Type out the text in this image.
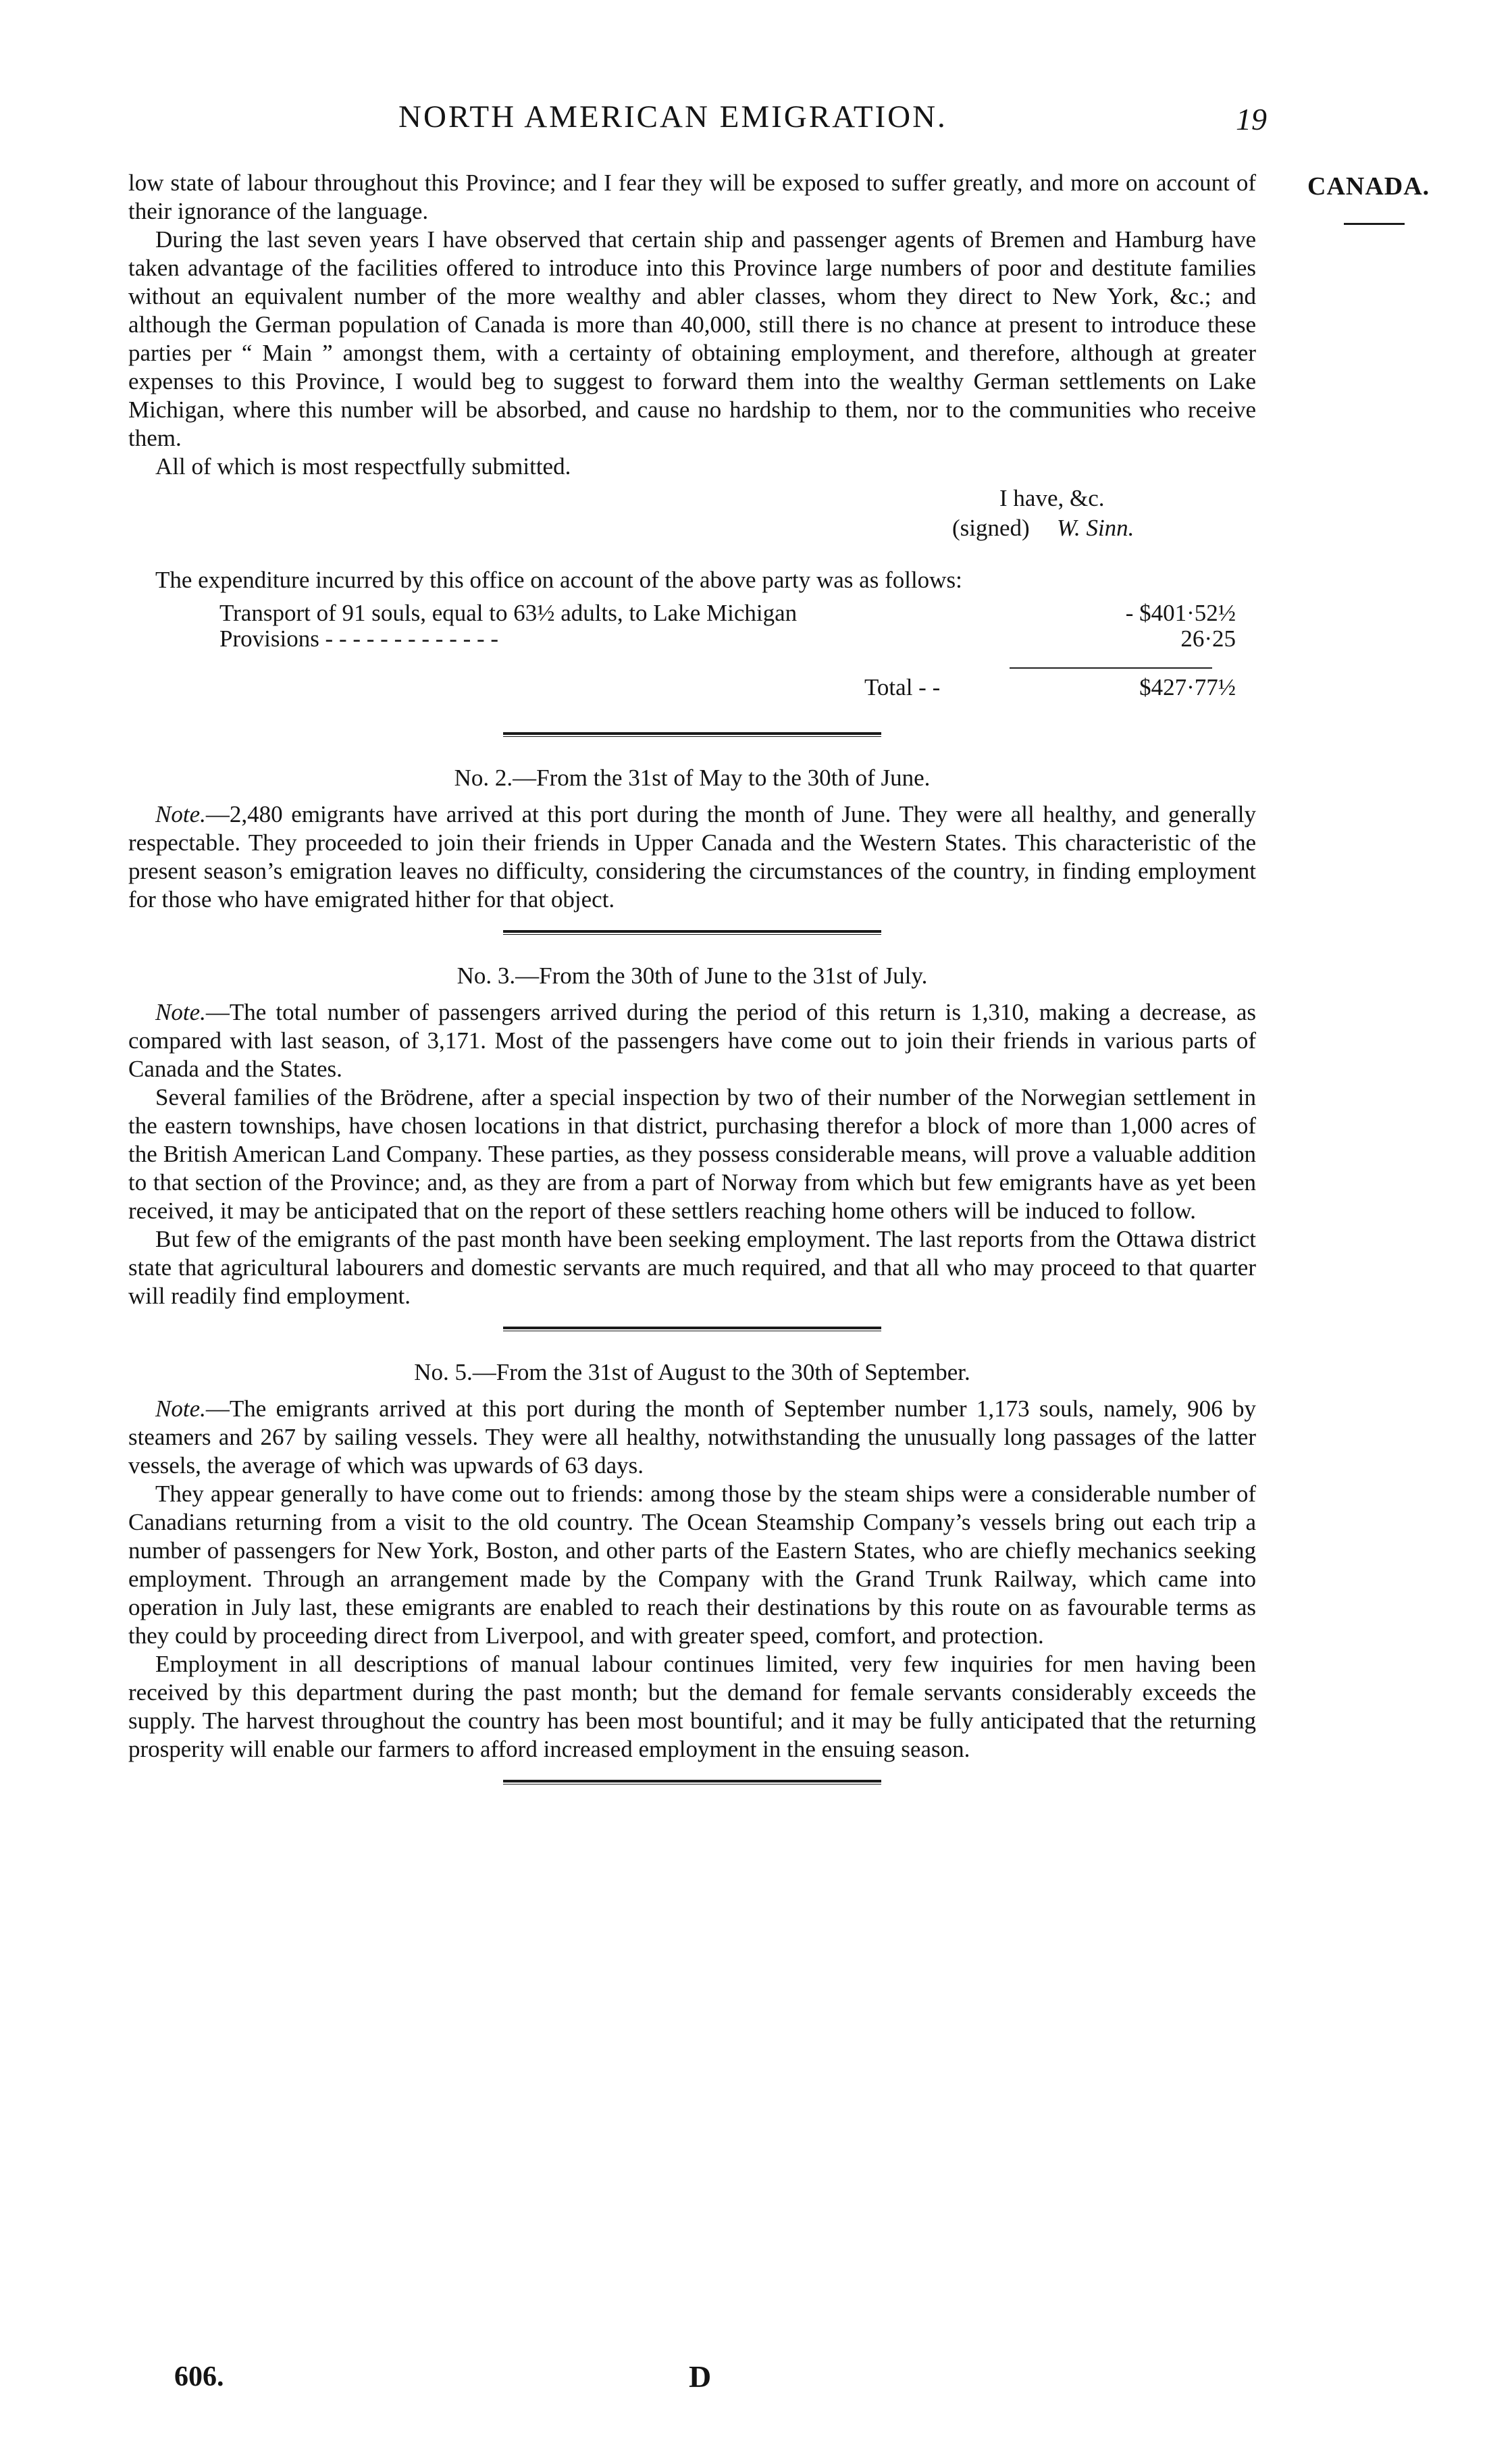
NORTH AMERICAN EMIGRATION.	19
CANADA.

low state of labour throughout this Province; and I fear they will be exposed to suffer greatly, and more on account of their ignorance of the language.

During the last seven years I have observed that certain ship and passenger agents of Bremen and Hamburg have taken advantage of the facilities offered to introduce into this Province large numbers of poor and destitute families without an equivalent number of the more wealthy and abler classes, whom they direct to New York, &c.; and although the German population of Canada is more than 40,000, still there is no chance at present to introduce these parties per “ Main ” amongst them, with a certainty of obtaining employment, and therefore, although at greater expenses to this Province, I would beg to suggest to forward them into the wealthy German settlements on Lake Michigan, where this number will be absorbed, and cause no hardship to them, nor to the communities who receive them.

All of which is most respectfully submitted.

I have, &c.
(signed) W. Sinn.

The expenditure incurred by this office on account of the above party was as follows:

Transport of 91 souls, equal to 63½ adults, to Lake Michigan	- $401·52½
Provisions - - - - - - - - - - - - -	26·25
Total - -	$427·77½

No. 2.—From the 31st of May to the 30th of June.

Note.—2,480 emigrants have arrived at this port during the month of June. They were all healthy, and generally respectable. They proceeded to join their friends in Upper Canada and the Western States. This characteristic of the present season’s emigration leaves no difficulty, considering the circumstances of the country, in finding employment for those who have emigrated hither for that object.

No. 3.—From the 30th of June to the 31st of July.

Note.—The total number of passengers arrived during the period of this return is 1,310, making a decrease, as compared with last season, of 3,171. Most of the passengers have come out to join their friends in various parts of Canada and the States.

Several families of the Brödrene, after a special inspection by two of their number of the Norwegian settlement in the eastern townships, have chosen locations in that district, purchasing therefor a block of more than 1,000 acres of the British American Land Company. These parties, as they possess considerable means, will prove a valuable addition to that section of the Province; and, as they are from a part of Norway from which but few emigrants have as yet been received, it may be anticipated that on the report of these settlers reaching home others will be induced to follow.

But few of the emigrants of the past month have been seeking employment. The last reports from the Ottawa district state that agricultural labourers and domestic servants are much required, and that all who may proceed to that quarter will readily find employment.

No. 5.—From the 31st of August to the 30th of September.

Note.—The emigrants arrived at this port during the month of September number 1,173 souls, namely, 906 by steamers and 267 by sailing vessels. They were all healthy, notwithstanding the unusually long passages of the latter vessels, the average of which was upwards of 63 days.

They appear generally to have come out to friends: among those by the steam ships were a considerable number of Canadians returning from a visit to the old country. The Ocean Steamship Company’s vessels bring out each trip a number of passengers for New York, Boston, and other parts of the Eastern States, who are chiefly mechanics seeking employment. Through an arrangement made by the Company with the Grand Trunk Railway, which came into operation in July last, these emigrants are enabled to reach their destinations by this route on as favourable terms as they could by proceeding direct from Liverpool, and with greater speed, comfort, and protection.

Employment in all descriptions of manual labour continues limited, very few inquiries for men having been received by this department during the past month; but the demand for female servants considerably exceeds the supply. The harvest throughout the country has been most bountiful; and it may be fully anticipated that the returning prosperity will enable our farmers to afford increased employment in the ensuing season.

606.	D
